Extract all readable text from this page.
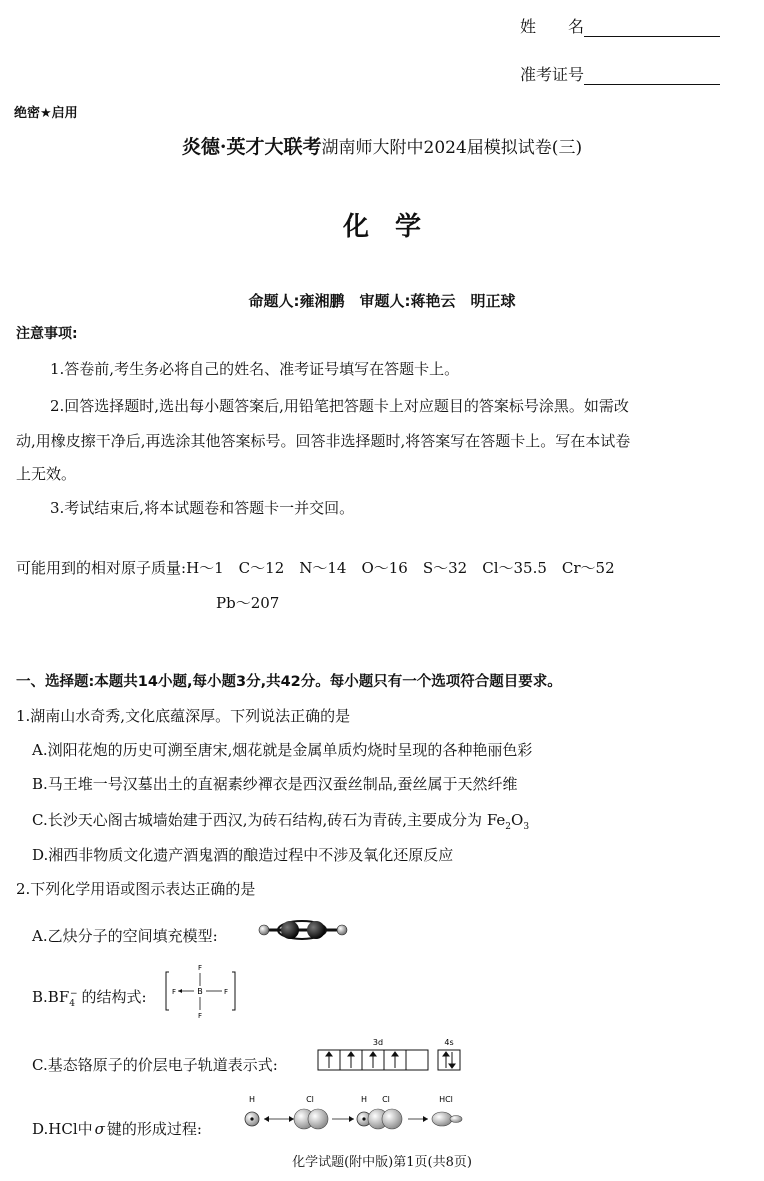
姓　　名
准考证号
绝密★启用
炎德·英才大联考湖南师大附中2024届模拟试卷(三)
化　学
命题人:雍湘鹏　审题人:蒋艳云　明正球
注意事项:
1.答卷前,考生务必将自己的姓名、准考证号填写在答题卡上。
2.回答选择题时,选出每小题答案后,用铅笔把答题卡上对应题目的答案标号涂黑。如需改
动,用橡皮擦干净后,再选涂其他答案标号。回答非选择题时,将答案写在答题卡上。写在本试卷
上无效。
3.考试结束后,将本试题卷和答题卡一并交回。
可能用到的相对原子质量:H～1　C～12　N～14　O～16　S～32　Cl～35.5　Cr～52
Pb～207
一、选择题:本题共14小题,每小题3分,共42分。每小题只有一个选项符合题目要求。
1.湖南山水奇秀,文化底蕴深厚。下列说法正确的是
A.浏阳花炮的历史可溯至唐宋,烟花就是金属单质灼烧时呈现的各种艳丽色彩
B.马王堆一号汉墓出土的直裾素纱襌衣是西汉蚕丝制品,蚕丝属于天然纤维
C.长沙天心阁古城墙始建于西汉,为砖石结构,砖石为青砖,主要成分为 $Fe_2O_3$
D.湘西非物质文化遗产酒鬼酒的酿造过程中不涉及氧化还原反应
2.下列化学用语或图示表达正确的是
A.乙炔分子的空间填充模型:
$B.BF_4^-$ 的结构式:
F
F	B	F
F
C.基态铬原子的价层电子轨道表示式:
3d	4s
D.HCl中 σ 键的形成过程:
H	Cl	H Cl	HCl
化学试题(附中版)第1页(共8页)
